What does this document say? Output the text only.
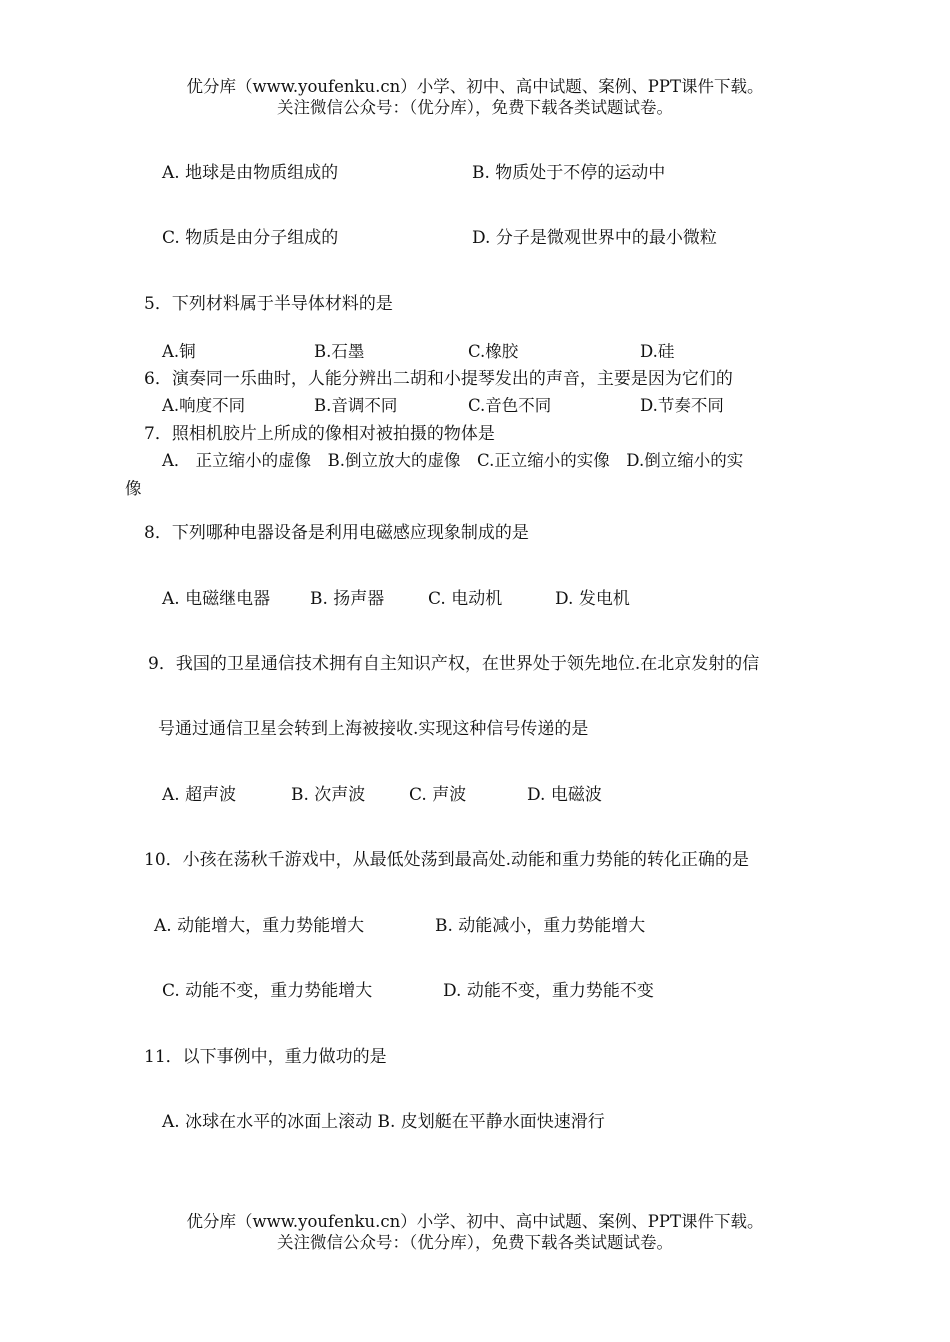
优分库（www.youfenku.cn）小学、初中、高中试题、案例、PPT课件下载。
关注微信公众号：（优分库），免费下载各类试题试卷。
A. 地球是由物质组成的	B. 物质处于不停的运动中
C. 物质是由分子组成的	D. 分子是微观世界中的最小微粒
5．下列材料属于半导体材料的是
A.铜	B.石墨	C.橡胶	D.硅
6．演奏同一乐曲时，人能分辨出二胡和小提琴发出的声音，主要是因为它们的
A.响度不同	B.音调不同	C.音色不同	D.节奏不同
7．照相机胶片上所成的像相对被拍摄的物体是
A． 正立缩小的虚像　B.倒立放大的虚像　C.正立缩小的实像　D.倒立缩小的实
像
8．下列哪种电器设备是利用电磁感应现象制成的是
A. 电磁继电器 B. 扬声器	C. 电动机	D. 发电机
9．我国的卫星通信技术拥有自主知识产权，在世界处于领先地位.在北京发射的信
号通过通信卫星会转到上海被接收.实现这种信号传递的是
A. 超声波	B. 次声波	C. 声波	D. 电磁波
10．小孩在荡秋千游戏中，从最低处荡到最高处.动能和重力势能的转化正确的是
A. 动能增大，重力势能增大	B. 动能减小，重力势能增大
C. 动能不变，重力势能增大	D. 动能不变，重力势能不变
11．以下事例中，重力做功的是
A. 冰球在水平的冰面上滚动 B. 皮划艇在平静水面快速滑行
优分库（www.youfenku.cn）小学、初中、高中试题、案例、PPT课件下载。
关注微信公众号：（优分库），免费下载各类试题试卷。
